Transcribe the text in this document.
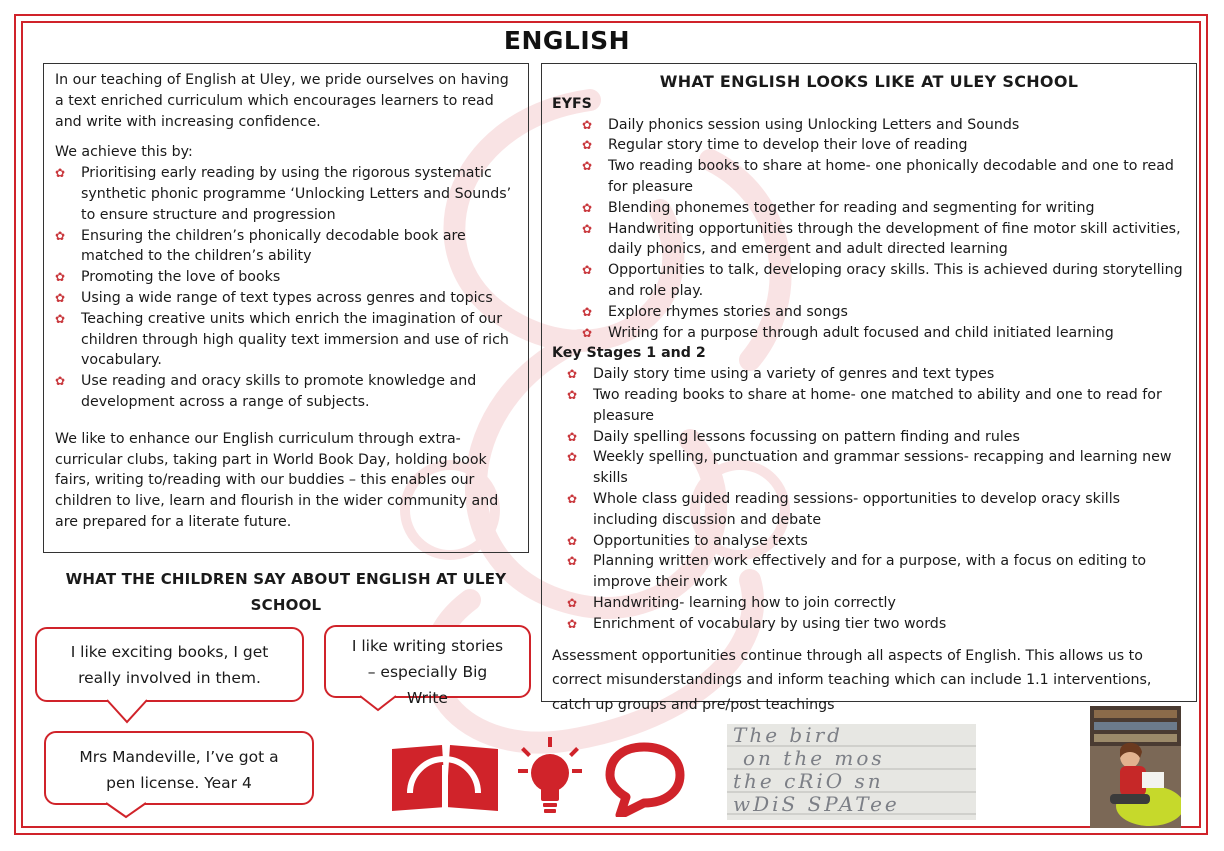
ENGLISH

In our teaching of English at Uley, we pride ourselves on having a text enriched curriculum which encourages learners to read and write with increasing confidence.

We achieve this by:

✿ Prioritising early reading by using the rigorous systematic synthetic phonic programme ‘Unlocking Letters and Sounds’ to ensure structure and progression
✿ Ensuring the children’s phonically decodable book are matched to the children’s ability
✿ Promoting the love of books
✿ Using a wide range of text types across genres and topics
✿ Teaching creative units which enrich the imagination of our children through high quality text immersion and use of rich vocabulary.
✿ Use reading and oracy skills to promote knowledge and development across a range of subjects.

We like to enhance our English curriculum through extra-curricular clubs, taking part in World Book Day, holding book fairs, writing to/reading with our buddies – this enables our children to live, learn and flourish in the wider community and are prepared for a literate future.

WHAT ENGLISH LOOKS LIKE AT ULEY SCHOOL

EYFS

✿ Daily phonics session using Unlocking Letters and Sounds
✿ Regular story time to develop their love of reading
✿ Two reading books to share at home- one phonically decodable and one to read for pleasure
✿ Blending phonemes together for reading and segmenting for writing
✿ Handwriting opportunities through the development of fine motor skill activities, daily phonics, and emergent and adult directed learning
✿ Opportunities to talk, developing oracy skills. This is achieved during storytelling and role play.
✿ Explore rhymes stories and songs
✿ Writing for a purpose through adult focused and child initiated learning

Key Stages 1 and 2

✿ Daily story time using a variety of genres and text types
✿ Two reading books to share at home- one matched to ability and one to read for pleasure
✿ Daily spelling lessons focussing on pattern finding and rules
✿ Weekly spelling, punctuation and grammar sessions- recapping and learning new skills
✿ Whole class guided reading sessions- opportunities to develop oracy skills including discussion and debate
✿ Opportunities to analyse texts
✿ Planning written work effectively and for a purpose, with a focus on editing to improve their work
✿ Handwriting- learning how to join correctly
✿ Enrichment of vocabulary by using tier two words

Assessment opportunities continue through all aspects of English. This allows us to correct misunderstandings and inform teaching which can include 1.1 interventions, catch up groups and pre/post teachings

WHAT THE CHILDREN SAY ABOUT ENGLISH AT ULEY SCHOOL
I like exciting books, I get really involved in them.
I like writing stories – especially Big Write
Mrs Mandeville, I’ve got a pen license. Year 4
The bird
on the mos
the cRiO sn
wDiS SPATee
